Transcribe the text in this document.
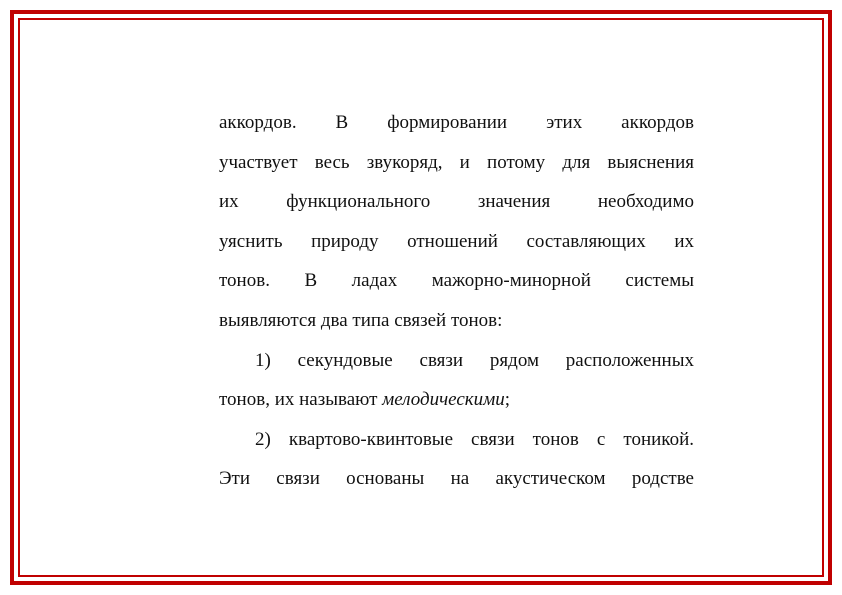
аккордов. В формировании этих аккордов
участвует весь звукоряд, и потому для выяснения
их функционального значения необходимо
уяснить природу отношений составляющих их
тонов. В ладах мажорно-минорной системы
выявляются два типа связей тонов:
1) секундовые связи рядом расположенных
тонов, их называют мелодическими;
2) квартово-квинтовые связи тонов с тоникой.
Эти связи основаны на акустическом родстве
